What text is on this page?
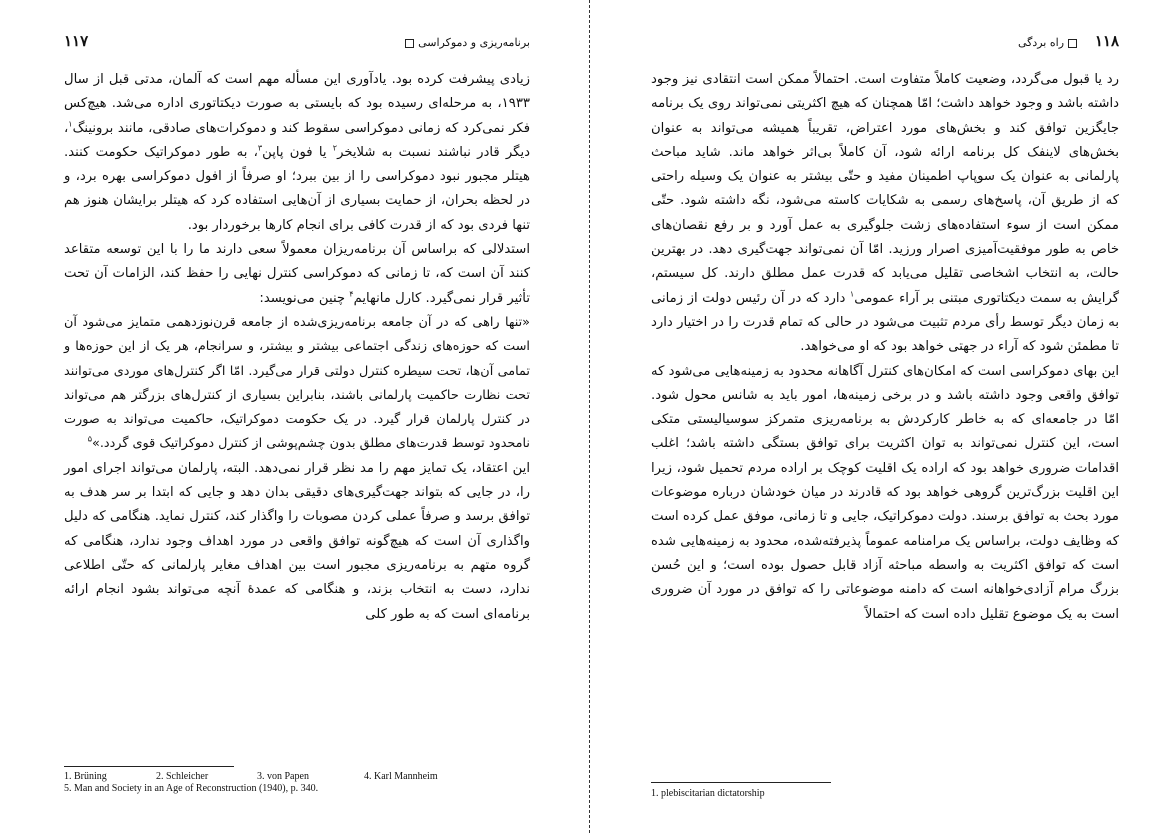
۱۱۷	برنامه‌ریزی و دموکراسی

زیادی پیشرفت کرده بود. یادآوری این مسأله مهم است که آلمان، مدتی قبل از سال ۱۹۳۳، به مرحله‌ای رسیده بود که بایستی به صورت دیکتاتوری اداره می‌شد. هیچ‌کس فکر نمی‌کرد که زمانی دموکراسی سقوط کند و دموکرات‌های صادقی، مانند برونینگ$^۱$، دیگر قادر نباشند نسبت به شلایخر$^۲$ یا فون پاپن$^۳$، به طور دموکراتیک حکومت کنند. هیتلر مجبور نبود دموکراسی را از بین ببرد؛ او صرفاً از افول دموکراسی بهره برد، و در لحظه بحران، از حمایت بسیاری از آن‌هایی استفاده کرد که هیتلر برایشان هنوز هم تنها فردی بود که از قدرت کافی برای انجام کارها برخوردار بود.

استدلالی که براساس آن برنامه‌ریزان معمولاً سعی دارند ما را با این توسعه متقاعد کنند آن است که، تا زمانی که دموکراسی کنترل نهایی را حفظ کند، الزامات آن تحت تأثیر قرار نمی‌گیرد. کارل مانهایم$^۴$ چنین می‌نویسد:

«تنها راهی که در آن جامعه برنامه‌ریزی‌شده از جامعه قرن‌نوزدهمی متمایز می‌شود آن است که حوزه‌های زندگی اجتماعی بیشتر و بیشتر، و سرانجام، هر یک از این حوزه‌ها و تمامی آن‌ها، تحت سیطره کنترل دولتی قرار می‌گیرد. امّا اگر کنترل‌های موردی می‌توانند تحت نظارت حاکمیت پارلمانی باشند، بنابراین بسیاری از کنترل‌های بزرگتر هم می‌تواند در کنترل پارلمان قرار گیرد. در یک حکومت دموکراتیک، حاکمیت می‌تواند به صورت نامحدود توسط قدرت‌های مطلق بدون چشم‌پوشی از کنترل دموکراتیک قوی گردد.»$^۵$

این اعتقاد، یک تمایز مهم را مد نظر قرار نمی‌دهد. البته، پارلمان می‌تواند اجرای امور را، در جایی که بتواند جهت‌گیری‌های دقیقی بدان دهد و جایی که ابتدا بر سر هدف به توافق برسد و صرفاً عملی کردن مصوبات را واگذار کند، کنترل نماید. هنگامی که دلیل واگذاری آن است که هیچ‌گونه توافق واقعی در مورد اهداف وجود ندارد، هنگامی که گروه متهم به برنامه‌ریزی مجبور است بین اهداف مغایر پارلمانی که حتّی اطلاعی ندارد، دست به انتخاب بزند، و هنگامی که عمدهٔ آنچه می‌تواند بشود انجام ارائه برنامه‌ای است که به طور کلی

1. Brüning	2. Schleicher	3. von Papen	4. Karl Mannheim
5. Man and Society in an Age of Reconstruction (1940), p. 340.
۱۱۸
راه بردگی

رد یا قبول می‌گردد، وضعیت کاملاً متفاوت است. احتمالاً ممکن است انتقادی نیز وجود داشته باشد و وجود خواهد داشت؛ امّا همچنان که هیچ اکثریتی نمی‌تواند روی یک برنامه جایگزین توافق کند و بخش‌های مورد اعتراض، تقریباً همیشه می‌تواند به عنوان بخش‌های لاینفک کل برنامه ارائه شود، آن کاملاً بی‌اثر خواهد ماند. شاید مباحث پارلمانی به عنوان یک سوپاپ اطمینان مفید و حتّی بیشتر به عنوان یک وسیله راحتی که از طریق آن، پاسخ‌های رسمی به شکایات کاسته می‌شود، نگه داشته شود. حتّی ممکن است از سوء استفاده‌های زشت جلوگیری به عمل آورد و بر رفع نقصان‌های خاص به طور موفقیت‌آمیزی اصرار ورزید. امّا آن نمی‌تواند جهت‌گیری دهد. در بهترین حالت، به انتخاب اشخاصی تقلیل می‌یابد که قدرت عمل مطلق دارند. کل سیستم، گرایش به سمت دیکتاتوری مبتنی بر آراء عمومی$^۱$ دارد که در آن رئیس دولت از زمانی به زمان دیگر توسط رأی مردم تثبیت می‌شود در حالی که تمام قدرت را در اختیار دارد تا مطمئن شود که آراء در جهتی خواهد بود که او می‌خواهد.

این بهای دموکراسی است که امکان‌های کنترل آگاهانه محدود به زمینه‌هایی می‌شود که توافق واقعی وجود داشته باشد و در برخی زمینه‌ها، امور باید به شانس محول شود. امّا در جامعه‌ای که به خاطر کارکردش به برنامه‌ریزی متمرکز سوسیالیستی متکی است، این کنترل نمی‌تواند به توان اکثریت برای توافق بستگی داشته باشد؛ اغلب اقدامات ضروری خواهد بود که اراده یک اقلیت کوچک بر اراده مردم تحمیل شود، زیرا این اقلیت بزرگ‌ترین گروهی خواهد بود که قادرند در میان خودشان درباره موضوعات مورد بحث به توافق برسند. دولت دموکراتیک، جایی و تا زمانی، موفق عمل کرده است که وظایف دولت، براساس یک مرامنامه عموماً پذیرفته‌شده، محدود به زمینه‌هایی شده است که توافق اکثریت به واسطه مباحثه آزاد قابل حصول بوده است؛ و این حُسن بزرگ مرام آزادی‌خواهانه است که دامنه موضوعاتی را که توافق در مورد آن ضروری است به یک موضوع تقلیل داده است که احتمالاً

1. plebiscitarian dictatorship
